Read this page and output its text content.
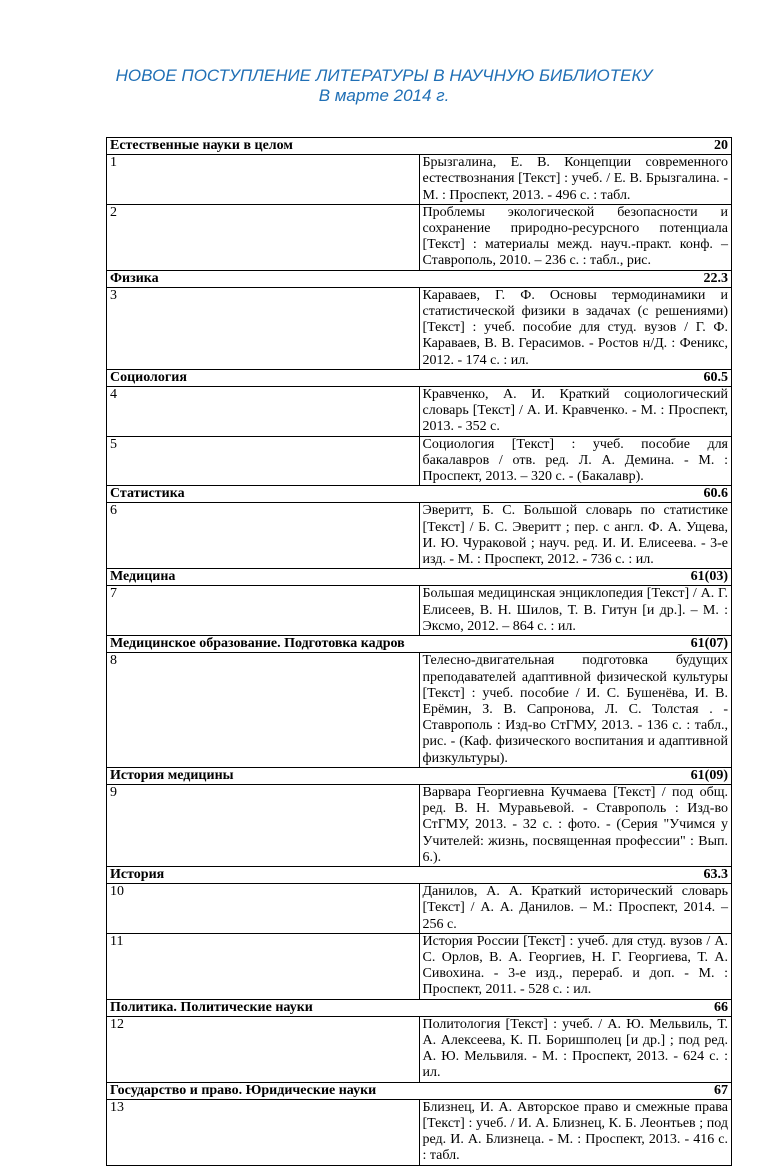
НОВОЕ ПОСТУПЛЕНИЕ ЛИТЕРАТУРЫ В НАУЧНУЮ БИБЛИОТЕКУ
В марте 2014 г.
Естественные науки в целом 20	

1	Брызгалина, Е. В. Концепции современного естествознания [Текст] : учеб. / Е. В. Брызгалина. - М. : Проспект, 2013. - 496 с. : табл.
2	Проблемы экологической безопасности и сохранение природно-ресурсного потенциала [Текст] : материалы межд. науч.-практ. конф. – Ставрополь, 2010. – 236 с. : табл., рис.

Физика 22.3	

3	Караваев, Г. Ф. Основы термодинамики и статистической физики в задачах (с решениями) [Текст] : учеб. пособие для студ. вузов / Г. Ф. Караваев, В. В. Герасимов. - Ростов н/Д. : Феникс, 2012. - 174 с. : ил.

Социология 60.5	

4	Кравченко, А. И. Краткий социологический словарь [Текст] / А. И. Кравченко. - М. : Проспект, 2013. - 352 с.
5	Социология [Текст] : учеб. пособие для бакалавров / отв. ред. Л. А. Демина. - М. : Проспект, 2013. – 320 с. - (Бакалавр).

Статистика 60.6	

6	Эверитт, Б. С. Большой словарь по статистике [Текст] / Б. С. Эверитт ; пер. с англ. Ф. А. Ущева, И. Ю. Чураковой ; науч. ред. И. И. Елисеева. - 3-е изд. - М. : Проспект, 2012. - 736 с. : ил.

Медицина 61(03)	

7	Большая медицинская энциклопедия [Текст] / А. Г. Елисеев, В. Н. Шилов, Т. В. Гитун [и др.]. – М. : Эксмо, 2012. – 864 с. : ил.

Медицинское образование. Подготовка кадров 61(07)	

8	Телесно-двигательная подготовка будущих преподавателей адаптивной физической культуры [Текст] : учеб. пособие / И. С. Бушенёва, И. В. Ерёмин, З. В. Сапронова, Л. С. Толстая . - Ставрополь : Изд-во СтГМУ, 2013. - 136 с. : табл., рис. - (Каф. физического воспитания и адаптивной физкультуры).

История медицины 61(09)	

9	Варвара Георгиевна Кучмаева [Текст] / под общ. ред. В. Н. Муравьевой. - Ставрополь : Изд-во СтГМУ, 2013. - 32 с. : фото. - (Серия "Учимся у Учителей: жизнь, посвященная профессии" : Вып. 6.).

История 63.3	

10	Данилов, А. А. Краткий исторический словарь [Текст] / А. А. Данилов. – М.: Проспект, 2014. – 256 с.
11	История России [Текст] : учеб. для студ. вузов / А. С. Орлов, В. А. Георгиев, Н. Г. Георгиева, Т. А. Сивохина. - 3-е изд., перераб. и доп. - М. : Проспект, 2011. - 528 с. : ил.

Политика. Политические науки 66	

12	Политология [Текст] : учеб. / А. Ю. Мельвиль, Т. А. Алексеева, К. П. Боришполец [и др.] ; под ред. А. Ю. Мельвиля. - М. : Проспект, 2013. - 624 с. : ил.

Государство и право. Юридические науки 67	

13	Близнец, И. А. Авторское право и смежные права [Текст] : учеб. / И. А. Близнец, К. Б. Леонтьев ; под ред. И. А. Близнеца. - М. : Проспект, 2013. - 416 с. : табл.
